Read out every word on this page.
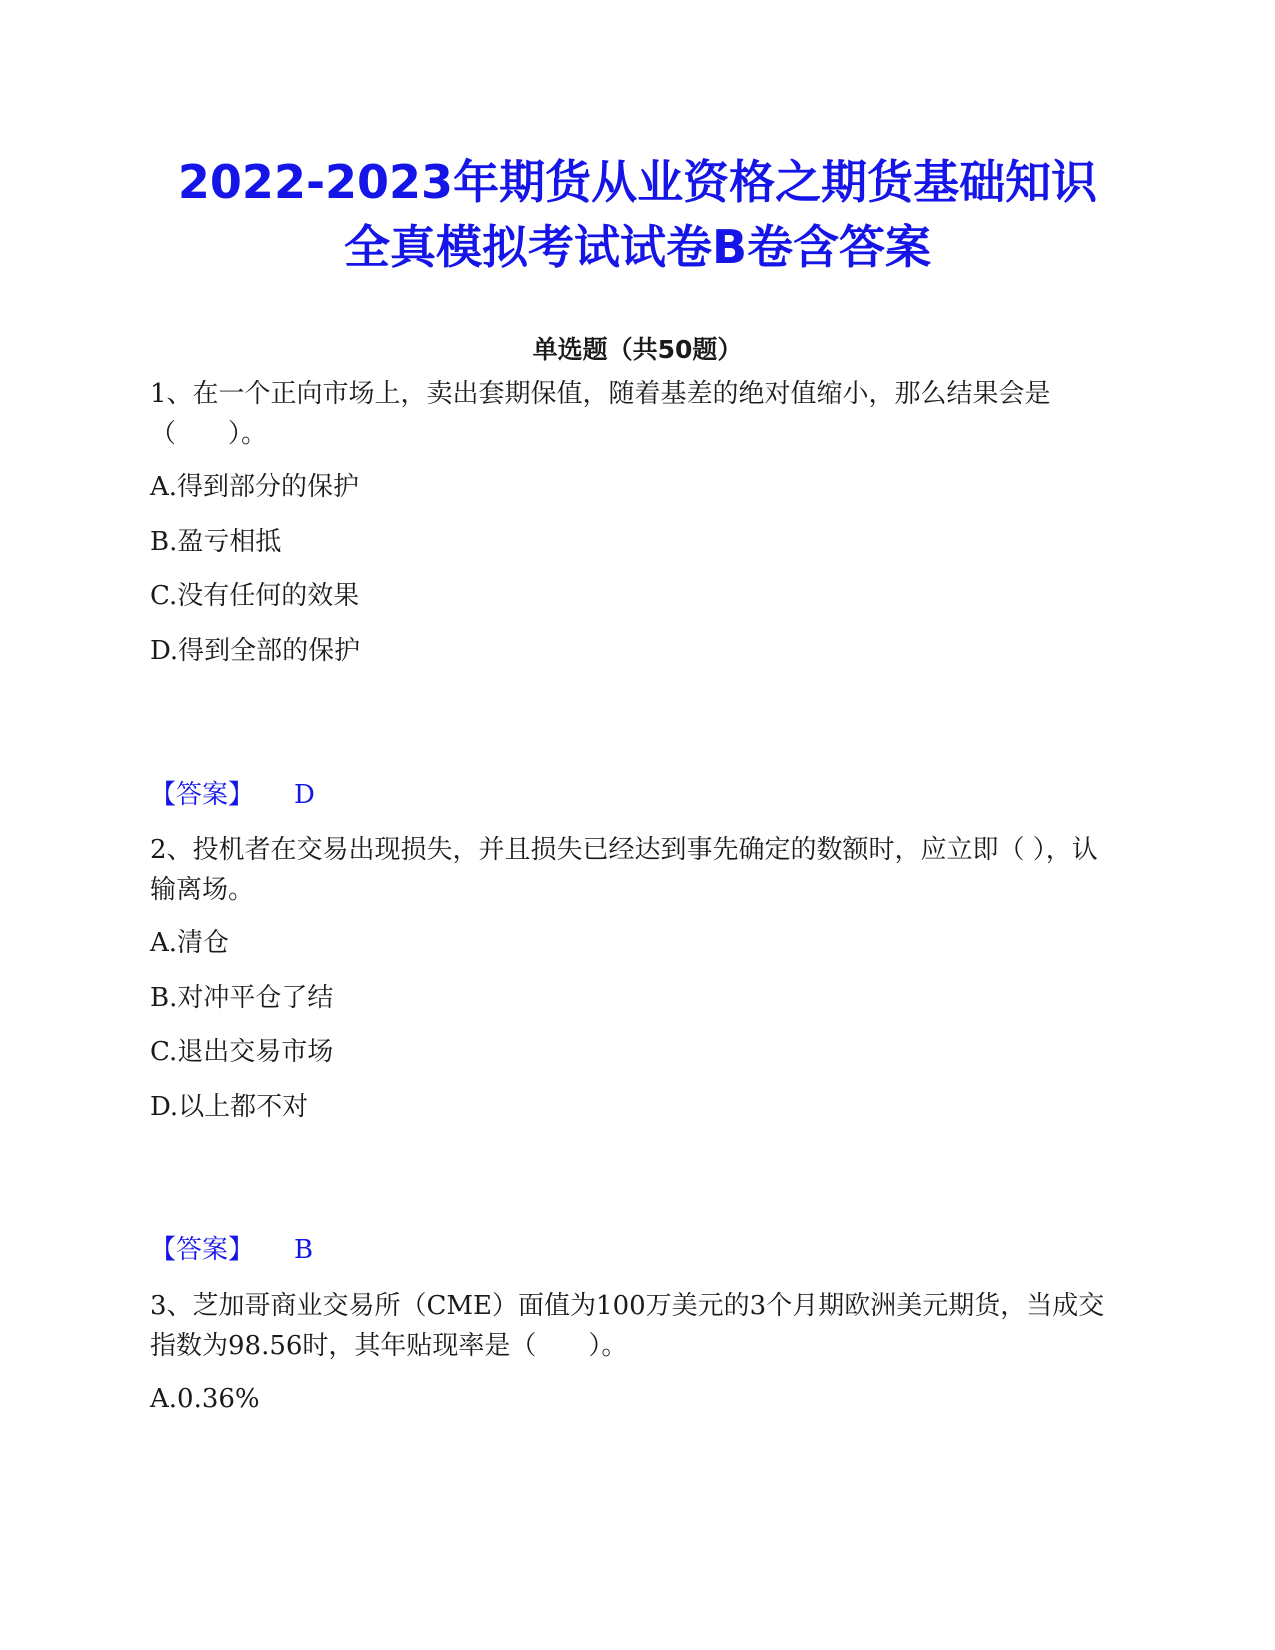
2022-2023年期货从业资格之期货基础知识
全真模拟考试试卷B卷含答案
单选题（共50题）

1、在一个正向市场上，卖出套期保值，随着基差的绝对值缩小，那么结果会是（　　）。

A.得到部分的保护

B.盈亏相抵

C.没有任何的效果

D.得到全部的保护

【答案】 D

2、投机者在交易出现损失，并且损失已经达到事先确定的数额时，应立即（ ），认输离场。

A.清仓

B.对冲平仓了结

C.退出交易市场

D.以上都不对

【答案】 B

3、芝加哥商业交易所（CME）面值为100万美元的3个月期欧洲美元期货，当成交指数为98.56时，其年贴现率是（　　）。

A.0.36%
